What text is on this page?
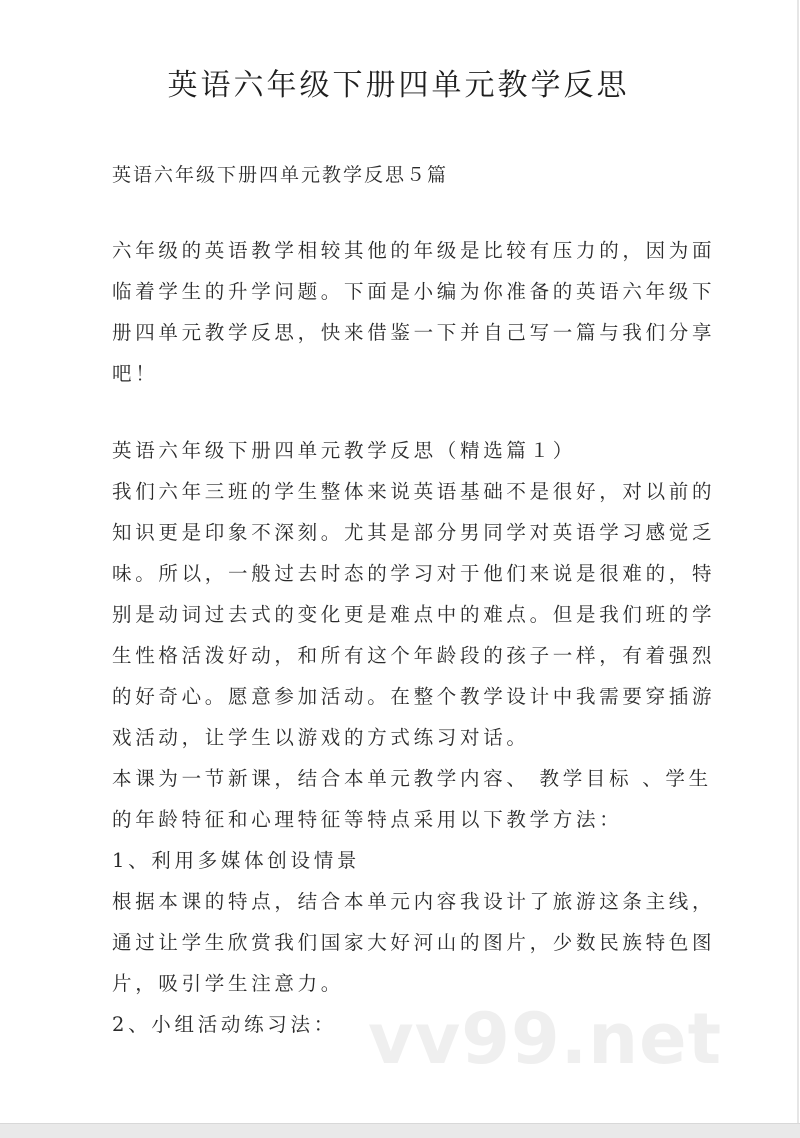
英语六年级下册四单元教学反思
英语六年级下册四单元教学反思５篇
六年级的英语教学相较其他的年级是比较有压力的，因为面
临着学生的升学问题。下面是小编为你准备的英语六年级下
册四单元教学反思，快来借鉴一下并自己写一篇与我们分享
吧！
英语六年级下册四单元教学反思（精选篇１）
我们六年三班的学生整体来说英语基础不是很好，对以前的
知识更是印象不深刻。尤其是部分男同学对英语学习感觉乏
味。所以，一般过去时态的学习对于他们来说是很难的，特
别是动词过去式的变化更是难点中的难点。但是我们班的学
生性格活泼好动，和所有这个年龄段的孩子一样，有着强烈
的好奇心。愿意参加活动。在整个教学设计中我需要穿插游
戏活动，让学生以游戏的方式练习对话。
本课为一节新课，结合本单元教学内容、 教学目标 、学生
的年龄特征和心理特征等特点采用以下教学方法：
1、利用多媒体创设情景
根据本课的特点，结合本单元内容我设计了旅游这条主线，
通过让学生欣赏我们国家大好河山的图片，少数民族特色图
片，吸引学生注意力。
2、小组活动练习法： vv99.net
